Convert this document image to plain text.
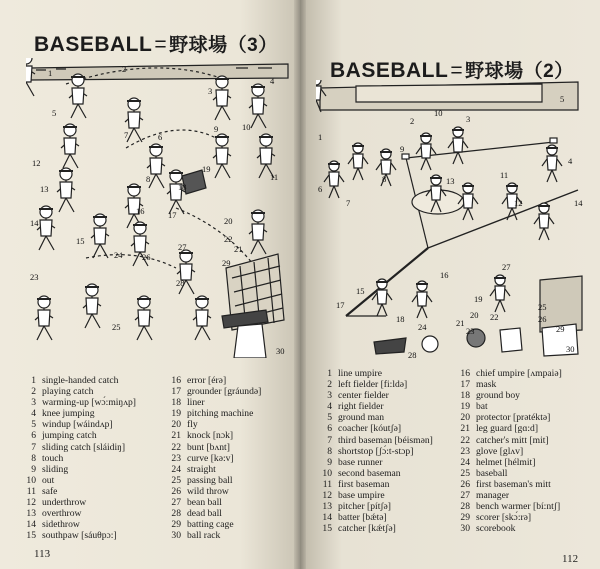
BASEBALL= 野球場（3）
1	2
3
4
5
6
7
8
9	10
11
12
13
14
15
16	17
18
19
20
21
22
23
24
25
26
27
28
29
30
1 single-handed catch
2 playing catch
3 warming-up [wɔ́:miŋʌp]
4 knee jumping
5 windup [wáindʌp]
6 jumping catch
7 sliding catch [sláidiŋ]
8 touch
9 sliding
10 out
11 safe
12 underthrow
13 overthrow
14 sidethrow
15 southpaw [sáuθpɔ:]
16 error [érə]
17 grounder [gráundə]
18 liner
19 pitching machine
20 fly
21 knock [nɔk]
22 bunt [bʌnt]
23 curve [kə:v]
24 straight
25 passing ball
26 wild throw
27 bean ball
28 dead ball
29 batting cage
30 ball rack
113
BASEBALL= 野球場（2）
1
2	3
4
5
6
7
8
9
10
11
12
13
14
15
16
17
18
19
20
21
22
23
24
25
26
27
28
29
30
1 line umpire
2 left fielder [fi:ldə]
3 center fielder
4 right fielder
5 ground man
6 coacher [kóutʃə]
7 third baseman [béismən]
8 shortstop [ʃɔ́:t-stɔp]
9 base runner
10 second baseman
11 first baseman
12 base umpire
13 pitcher [pítʃə]
14 batter [bǽtə]
15 catcher [kǽtʃə]
16 chief umpire [ʌmpaiə]
17 mask
18 ground boy
19 bat
20 protector [prətéktə]
21 leg guard [gɑ:d]
22 catcher's mitt [mit]
23 glove [glʌv]
24 helmet [hélmit]
25 baseball
26 first baseman's mitt
27 manager
28 bench warmer [bí:ntʃ]
29 scorer [skɔ́:rə]
30 scorebook
112
